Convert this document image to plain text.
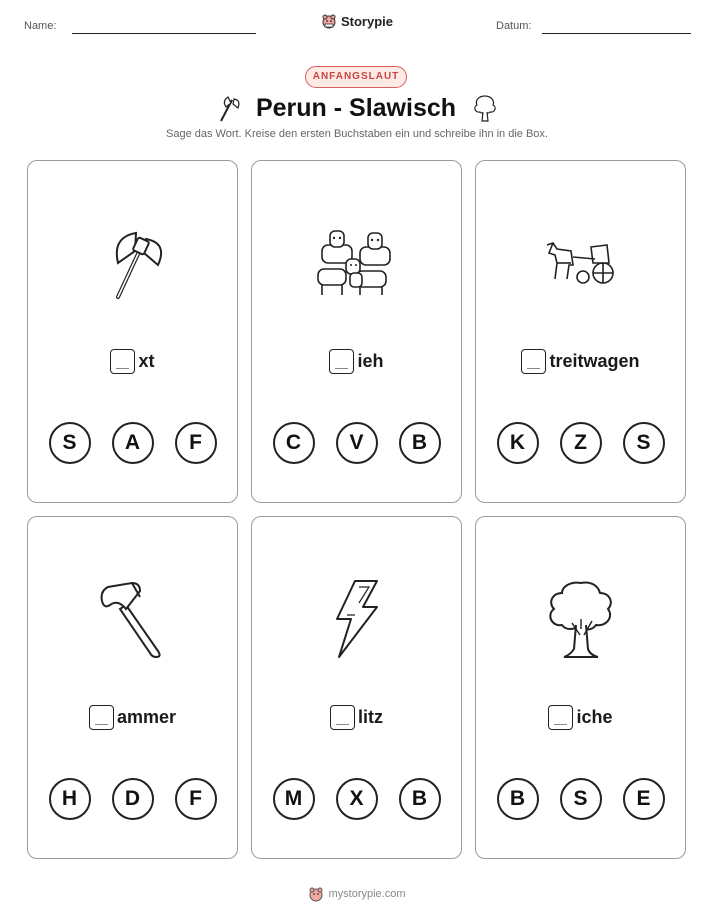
Name:	Storypie	Datum:
ANFANGSLAUT
Perun - Slawisch
Sage das Wort. Kreise den ersten Buchstaben ein und schreibe ihn in die Box.
xt
S	A	F
ieh
C	V	B
treitwagen
K	Z	S
ammer
H	D	F
litz
M	X	B
iche
B	S	E
mystorypie.com
